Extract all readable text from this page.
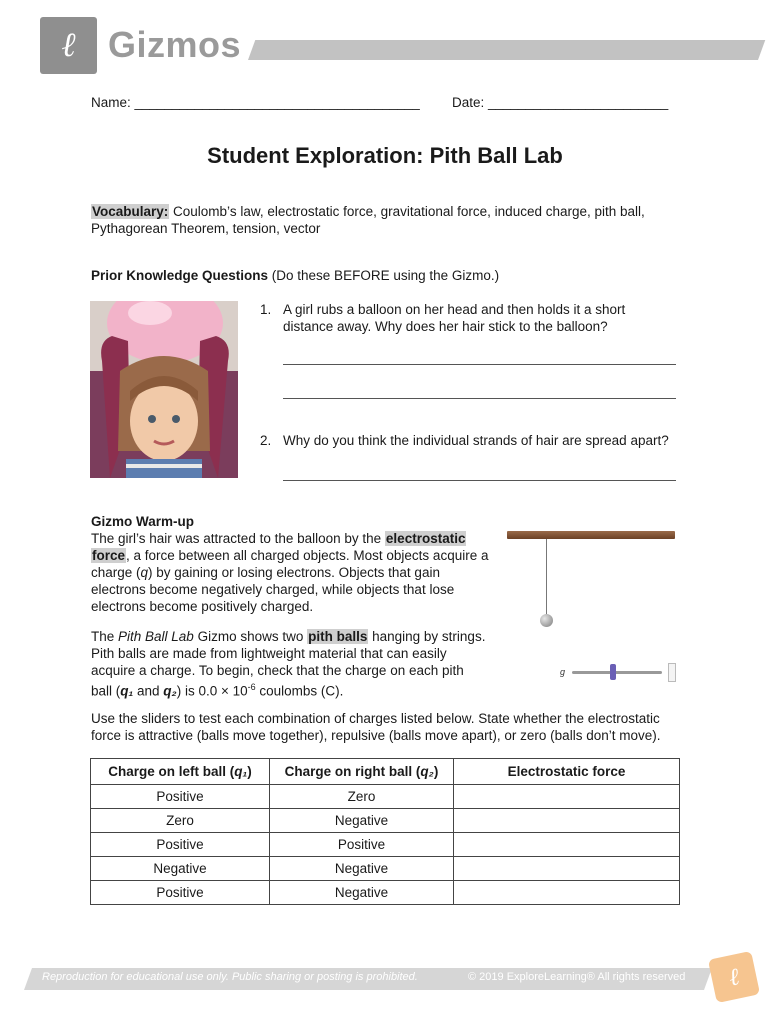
ℓ Gizmos
Name: ______________________________________ Date: ________________________
Student Exploration: Pith Ball Lab
Vocabulary: Coulomb’s law, electrostatic force, gravitational force, induced charge, pith ball,
Pythagorean Theorem, tension, vector
Prior Knowledge Questions (Do these BEFORE using the Gizmo.)
1. A girl rubs a balloon on her head and then holds it a short
distance away. Why does her hair stick to the balloon?
2. Why do you think the individual strands of hair are spread apart?
Gizmo Warm-up
The girl’s hair was attracted to the balloon by the electrostatic
force, a force between all charged objects. Most objects acquire a
charge (q) by gaining or losing electrons. Objects that gain
electrons become negatively charged, while objects that lose
electrons become positively charged.
The Pith Ball Lab Gizmo shows two pith balls hanging by strings.
Pith balls are made from lightweight material that can easily
acquire a charge. To begin, check that the charge on each pith
ball (q₁ and q₂) is $0.0 \times 10^{-6}$ coulombs (C).
g
Use the sliders to test each combination of charges listed below. State whether the electrostatic
force is attractive (balls move together), repulsive (balls move apart), or zero (balls don’t move).
Charge on left ball (q₁)	Charge on right ball (q₂)	Electrostatic force
Positive	Zero	
Zero	Negative	
Positive	Positive	
Negative	Negative	
Positive	Negative	
Reproduction for educational use only. Public sharing or posting is prohibited.	© 2019 ExploreLearning® All rights reserved	ℓ
